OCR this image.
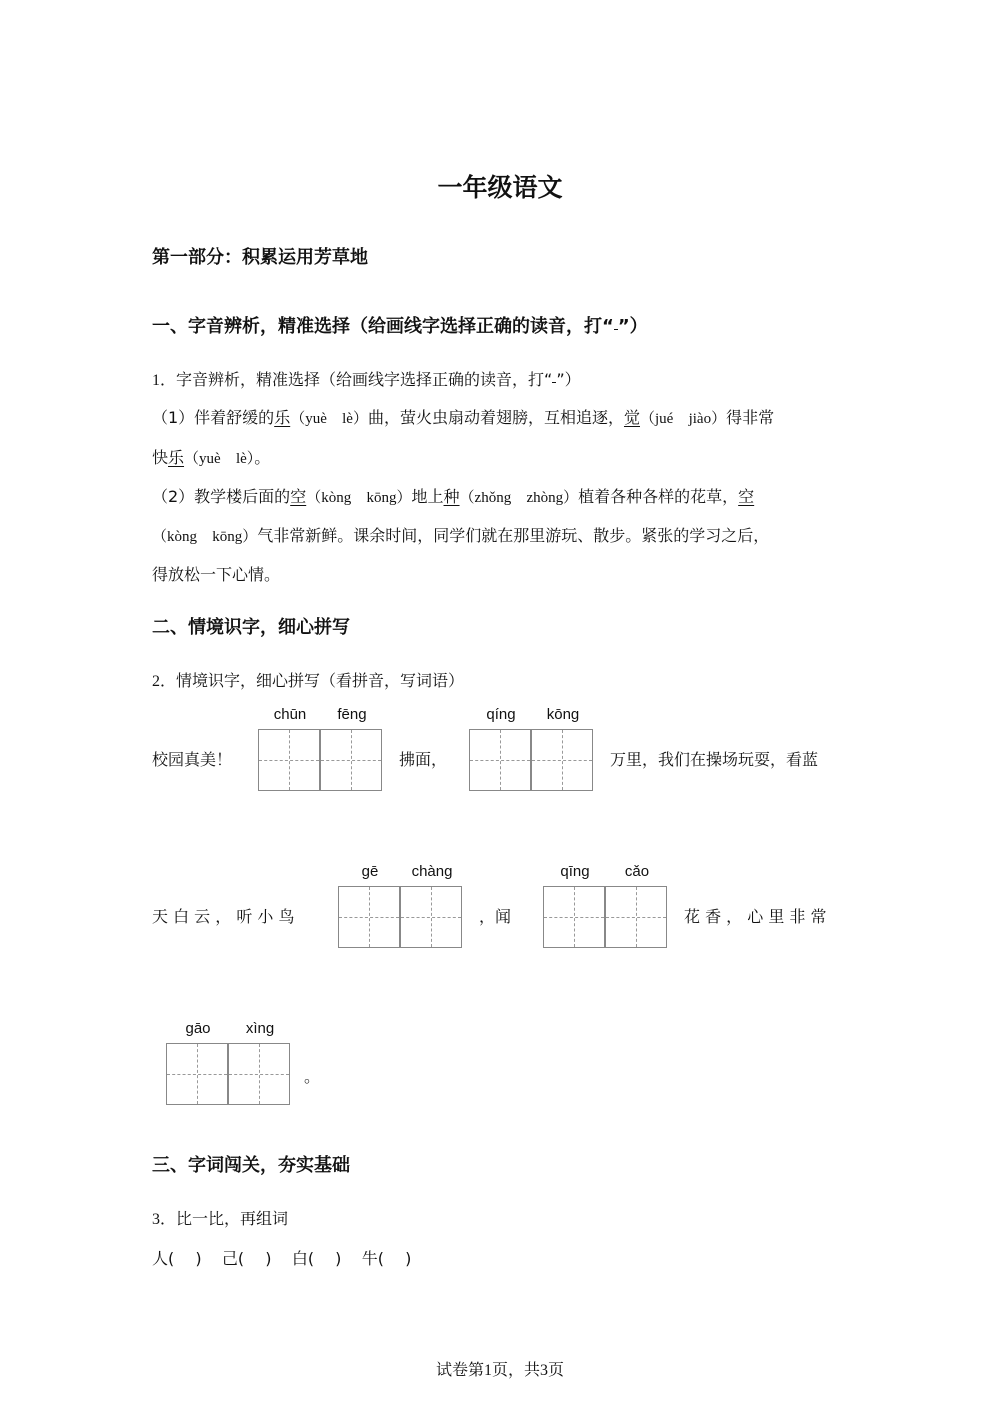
一年级语文
第一部分：积累运用芳草地
一、字音辨析，精准选择（给画线字选择正确的读音，打“ ”）
1．字音辨析，精准选择（给画线字选择正确的读音，打“ ”）
（1）伴着舒缓的乐（yuè lè）曲，萤火虫扇动着翅膀，互相追逐，觉（jué jiào）得非常
快乐（yuè lè）。
（2）教学楼后面的空（kòng kōng）地上种（zhǒng zhòng）植着各种各样的花草，空
（kòng kōng）气非常新鲜。课余时间，同学们就在那里游玩、散步。紧张的学习之后，
得放松一下心情。
二、情境识字，细心拼写
2．情境识字，细心拼写（看拼音，写词语）
校园真美！
chūn	fēng
拂面，
qíng	kōng
万里，我们在操场玩耍，看蓝
天 白 云 ， 听 小 鸟
gē	chàng
，闻
qīng	cǎo
花 香 ， 心 里 非 常
gāo	xìng
。
三、字词闯关，夯实基础
3．比一比，再组词
人(　 ) 己(　 ) 白(　 ) 牛(　 )
试卷第1页，共3页
